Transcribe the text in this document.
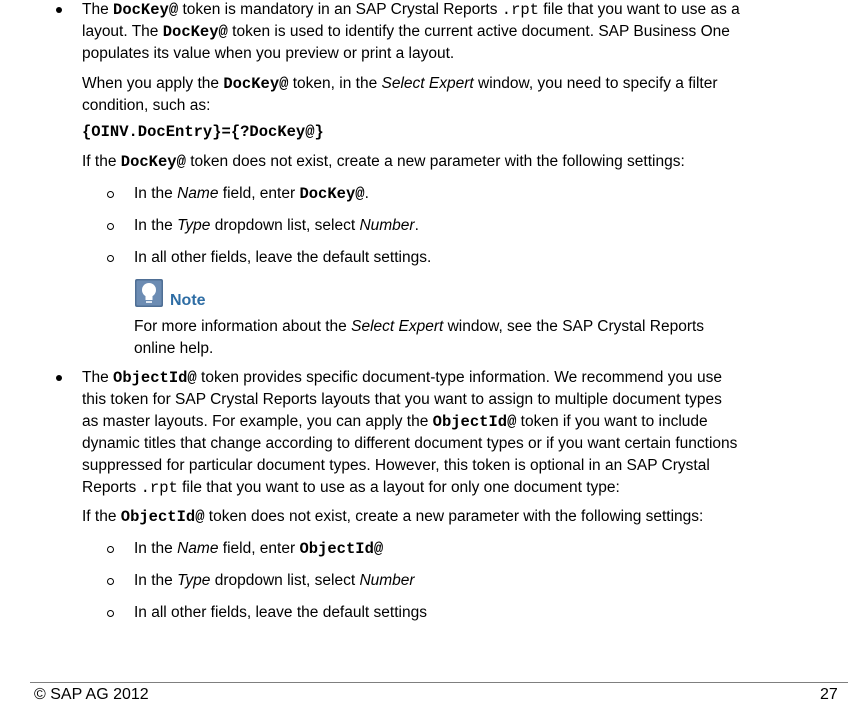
The DocKey@ token is mandatory in an SAP Crystal Reports .rpt file that you want to use as a
layout. The DocKey@ token is used to identify the current active document. SAP Business One
populates its value when you preview or print a layout.
When you apply the DocKey@ token, in the Select Expert window, you need to specify a filter
condition, such as:
{OINV.DocEntry}={?DocKey@}
If the DocKey@ token does not exist, create a new parameter with the following settings:
In the Name field, enter DocKey@.
In the Type dropdown list, select Number.
In all other fields, leave the default settings.
Note
For more information about the Select Expert window, see the SAP Crystal Reports
online help.
The ObjectId@ token provides specific document-type information. We recommend you use
this token for SAP Crystal Reports layouts that you want to assign to multiple document types
as master layouts. For example, you can apply the ObjectId@ token if you want to include
dynamic titles that change according to different document types or if you want certain functions
suppressed for particular document types. However, this token is optional in an SAP Crystal
Reports .rpt file that you want to use as a layout for only one document type:
If the ObjectId@ token does not exist, create a new parameter with the following settings:
In the Name field, enter ObjectId@
In the Type dropdown list, select Number
In all other fields, leave the default settings
© SAP AG 2012	27
